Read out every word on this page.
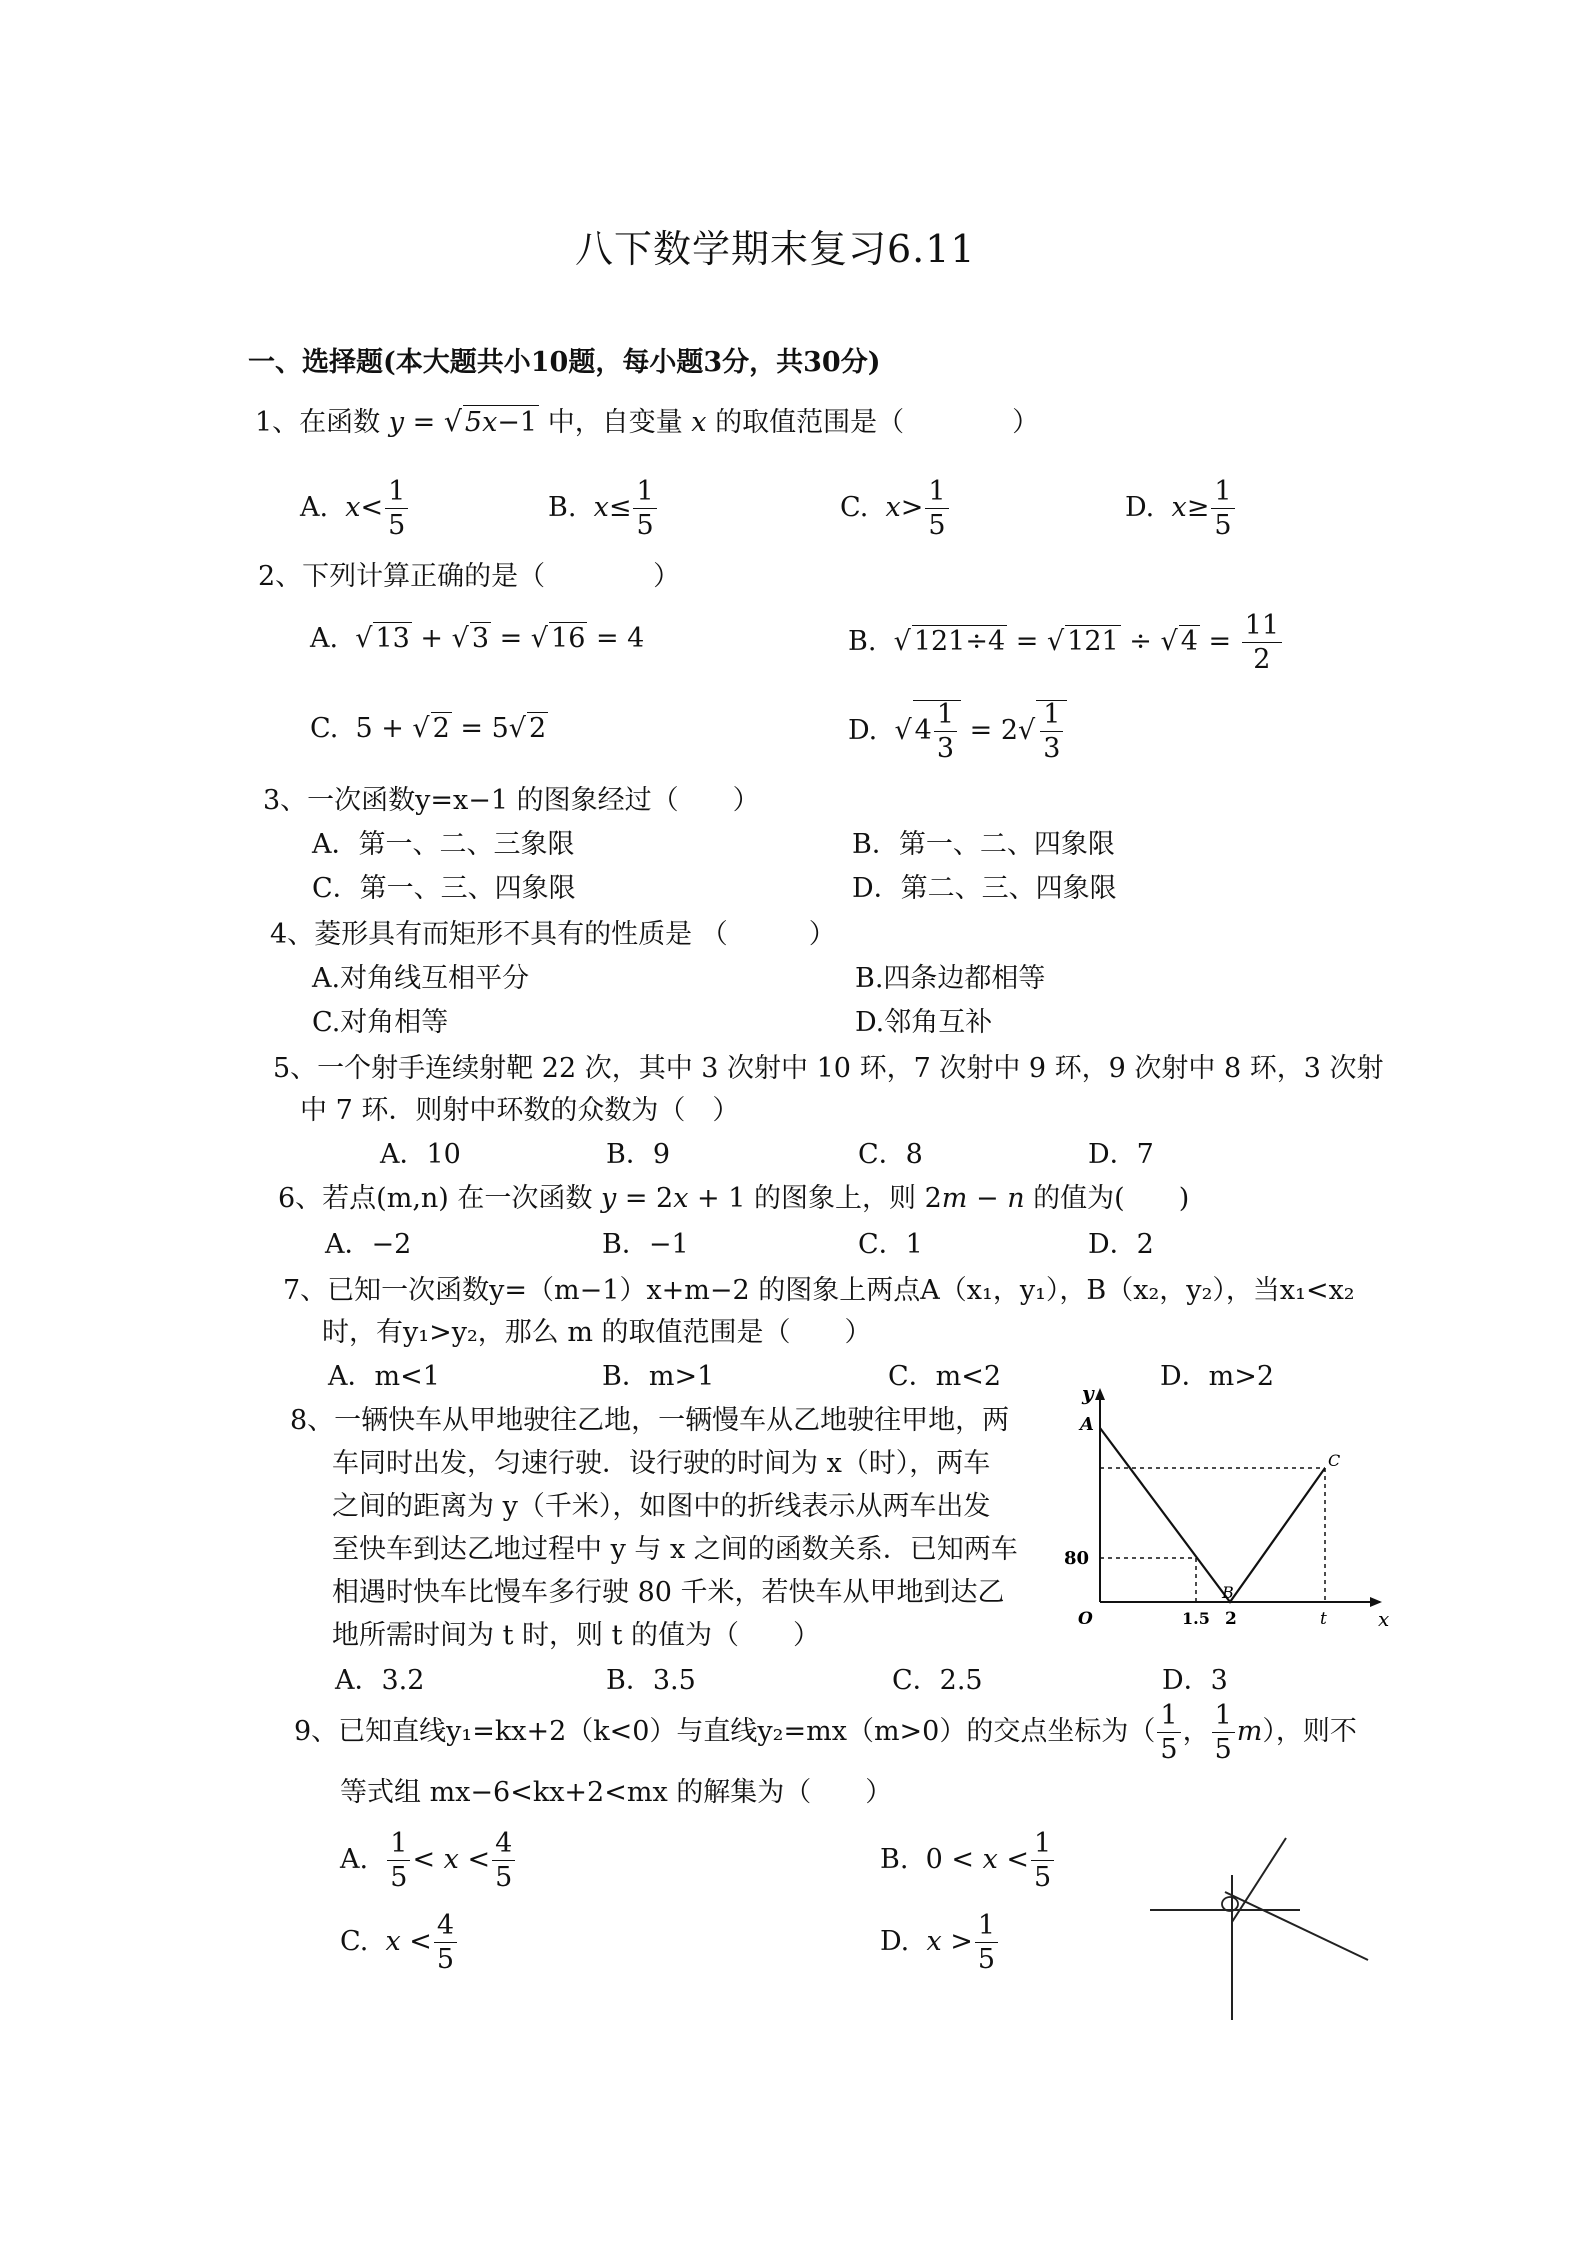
八下数学期末复习6.11
一、选择题(本大题共小10题，每小题3分，共30分)
1、在函数 y = √ 5x−1 中，自变量 x 的取值范围是（　　　　）
A. $x< \frac{1}{5}$	B. $x\le \frac{1}{5}$	C. $x> \frac{1}{5}$	D. $x\ge \frac{1}{5}$
2、下列计算正确的是（　　　　）
A.  √ 13 + √ 3 = √ 16 = 4	B.  √ 121÷4 = √ 121 ÷ √ $4 = \frac{11}{2}$
C.  5 + √ 2 = 5√ 2	D.  √ $4 \frac{1}{3} = 2√ \frac{1}{3}$
3、一次函数y=x−1 的图象经过（　　）
A．第一、二、三象限	B．第一、二、四象限
C．第一、三、四象限	D．第二、三、四象限
4、菱形具有而矩形不具有的性质是 （　　　）
A.对角线互相平分	B.四条边都相等
C.对角相等	D.邻角互补
5、一个射手连续射靶 22 次，其中 3 次射中 10 环，7 次射中 9 环，9 次射中 8 环，3 次射
中 7 环．则射中环数的众数为（　）
A．10	B．9	C．8	D．7
6、若点(m,n) 在一次函数 y = 2x + 1 的图象上，则 2m − n 的值为(　　)
A．−2	B．−1	C．1	D．2
7、已知一次函数y=（m−1）x+m−2 的图象上两点A（x₁，y₁），B（x₂，y₂），当x₁<x₂
时，有y₁>y₂，那么 m 的取值范围是（　　）
A．m<1	B．m>1	C．m<2	D．m>2
8、一辆快车从甲地驶往乙地，一辆慢车从乙地驶往甲地，两
车同时出发，匀速行驶．设行驶的时间为 x（时），两车
之间的距离为 y（千米），如图中的折线表示从两车出发
至快车到达乙地过程中 y 与 x 之间的函数关系．已知两车
相遇时快车比慢车多行驶 80 千米，若快车从甲地到达乙
地所需时间为 t 时，则 t 的值为（　　）
A．3.2	B．3.5	C．2.5	D．3
y
x
A
B
C
O
80
1.5 2	t
9、已知直线y₁=kx+2（k<0）与直线y₂=mx（m>0）的交点坐标为（ $\frac{1}{5}$ ， $\frac{1}{5} m$），则不
等式组 mx−6<kx+2<mx 的解集为（　　）
A. $\frac{1}{5} < x < \frac{4}{5}$	B. $0 < x < \frac{1}{5}$
C. $x < \frac{4}{5}$	D. $x > \frac{1}{5}$
